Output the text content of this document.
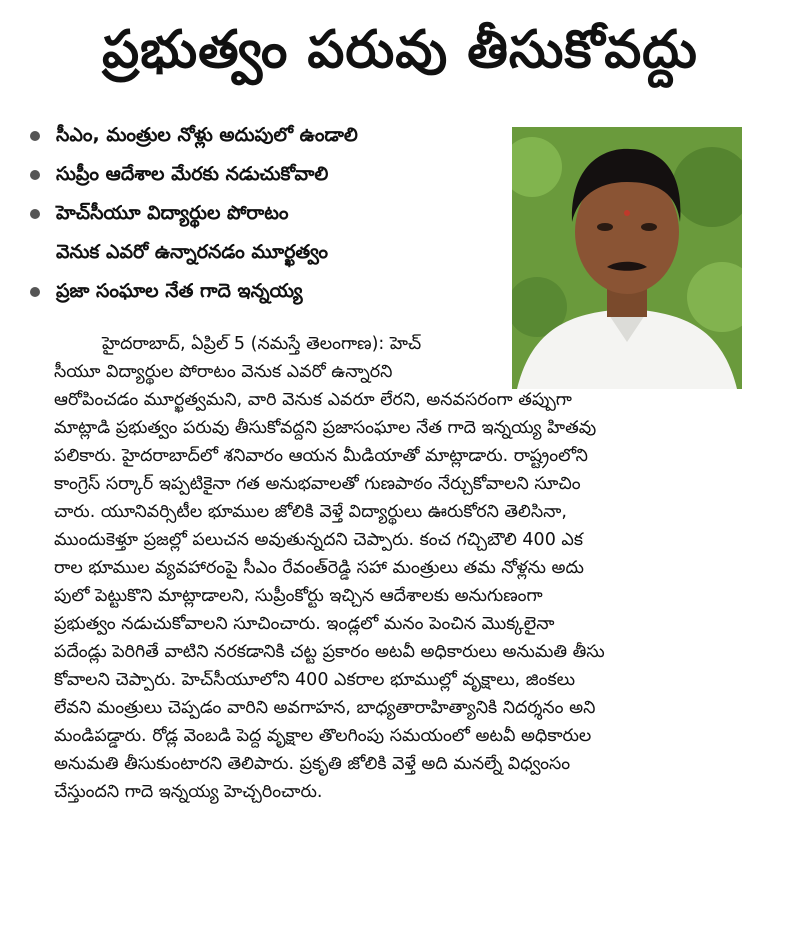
ప్రభుత్వం పరువు తీసుకోవద్దు
సీఎం, మంత్రుల నోళ్లు అదుపులో ఉండాలి
సుప్రీం ఆదేశాల మేరకు నడుచుకోవాలి
హెచ్‌సీయూ విద్యార్థుల పోరాటం
వెనుక ఎవరో ఉన్నారనడం మూర్ఖత్వం
ప్రజా సంఘాల నేత గాదె ఇన్నయ్య
హైదరాబాద్, ఏప్రిల్ 5 (నమస్తే తెలంగాణ): హెచ్
సీయూ విద్యార్థుల పోరాటం వెనుక ఎవరో ఉన్నారని
ఆరోపించడం మూర్ఖత్వమని, వారి వెనుక ఎవరూ లేరని, అనవసరంగా తప్పుగా
మాట్లాడి ప్రభుత్వం పరువు తీసుకోవద్దని ప్రజాసంఘాల నేత గాదె ఇన్నయ్య హితవు
పలికారు. హైదరాబాద్‌లో శనివారం ఆయన మీడియాతో మాట్లాడారు. రాష్ట్రంలోని
కాంగ్రెస్ సర్కార్ ఇప్పటికైనా గత అనుభవాలతో గుణపాఠం నేర్చుకోవాలని సూచిం
చారు. యూనివర్సిటీల భూముల జోలికి వెళ్తే విద్యార్థులు ఊరుకోరని తెలిసినా,
ముందుకెళ్తూ ప్రజల్లో పలుచన అవుతున్నదని చెప్పారు. కంచ గచ్చిబౌలి 400 ఎక
రాల భూముల వ్యవహారంపై సీఎం రేవంత్‌రెడ్డి సహా మంత్రులు తమ నోళ్లను అదు
పులో పెట్టుకొని మాట్లాడాలని, సుప్రీంకోర్టు ఇచ్చిన ఆదేశాలకు అనుగుణంగా
ప్రభుత్వం నడుచుకోవాలని సూచించారు. ఇండ్లలో మనం పెంచిన మొక్కలైనా
పదేండ్లు పెరిగితే వాటిని నరకడానికి చట్ట ప్రకారం అటవీ అధికారులు అనుమతి తీసు
కోవాలని చెప్పారు. హెచ్‌సీయూలోని 400 ఎకరాల భూముల్లో వృక్షాలు, జింకలు
లేవని మంత్రులు చెప్పడం వారిని అవగాహన, బాధ్యతారాహిత్యానికి నిదర్శనం అని
మండిపడ్డారు. రోడ్ల వెంబడి పెద్ద వృక్షాల తొలగింపు సమయంలో అటవీ అధికారుల
అనుమతి తీసుకుంటారని తెలిపారు. ప్రకృతి జోలికి వెళ్తే అది మనల్నే విధ్వంసం
చేస్తుందని గాదె ఇన్నయ్య హెచ్చరించారు.
